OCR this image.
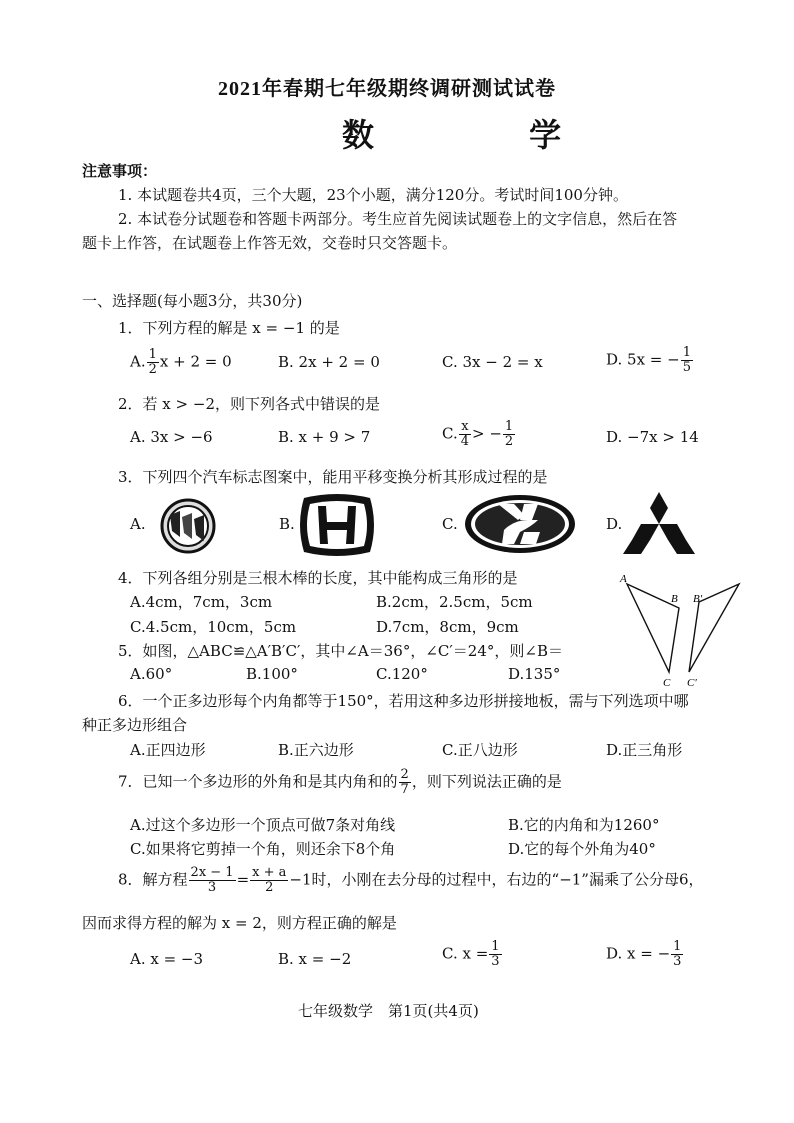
2021年春期七年级期终调研测试试卷
数 学
注意事项：
1. 本试题卷共4页，三个大题，23个小题，满分120分。考试时间100分钟。
2. 本试卷分试题卷和答题卡两部分。考生应首先阅读试题卷上的文字信息，然后在答
题卡上作答，在试题卷上作答无效，交卷时只交答题卡。
一、选择题(每小题3分，共30分)
1．下列方程的解是 x = −1 的是
A. $\frac{1}{2}$ x + 2 = 0	B. 2x + 2 = 0	C. 3x − 2 = x	D. 5x = − $\frac{1}{5}$
2．若 x > −2，则下列各式中错误的是
A. 3x > −6	B. x + 9 > 7	C. $\frac{x}{4}$ > − $\frac{1}{2}$	D. −7x > 14
3．下列四个汽车标志图案中，能用平移变换分析其形成过程的是
A.	B.	C.	D.
4．下列各组分别是三根木棒的长度，其中能构成三角形的是
A.4cm，7cm，3cm	B.2cm，2.5cm，5cm
C.4.5cm，10cm，5cm	D.7cm，8cm，9cm
A
B
C
B′
C′
5．如图，△ABC≌△A′B′C′，其中∠A＝36°，∠C′＝24°，则∠B＝
A.60°	B.100°	C.120°	D.135°
6．一个正多边形每个内角都等于150°，若用这种多边形拼接地板，需与下列选项中哪
种正多边形组合
A.正四边形	B.正六边形	C.正八边形	D.正三角形
7．已知一个多边形的外角和是其内角和的 $\frac{2}{7}$ ，则下列说法正确的是
A.过这个多边形一个顶点可做7条对角线	B.它的内角和为1260°
C.如果将它剪掉一个角，则还余下8个角	D.它的每个外角为40°
8．解方程 $\frac{2x - 1}{3} = \frac{x + a}{2} -1$时，小刚在去分母的过程中，右边的“−1”漏乘了公分母6，
因而求得方程的解为 x = 2，则方程正确的解是
A. x = −3	B. x = −2	C. $x = \frac{1}{3}$	D. x = − $\frac{1}{3}$
七年级数学　第1页(共4页)
